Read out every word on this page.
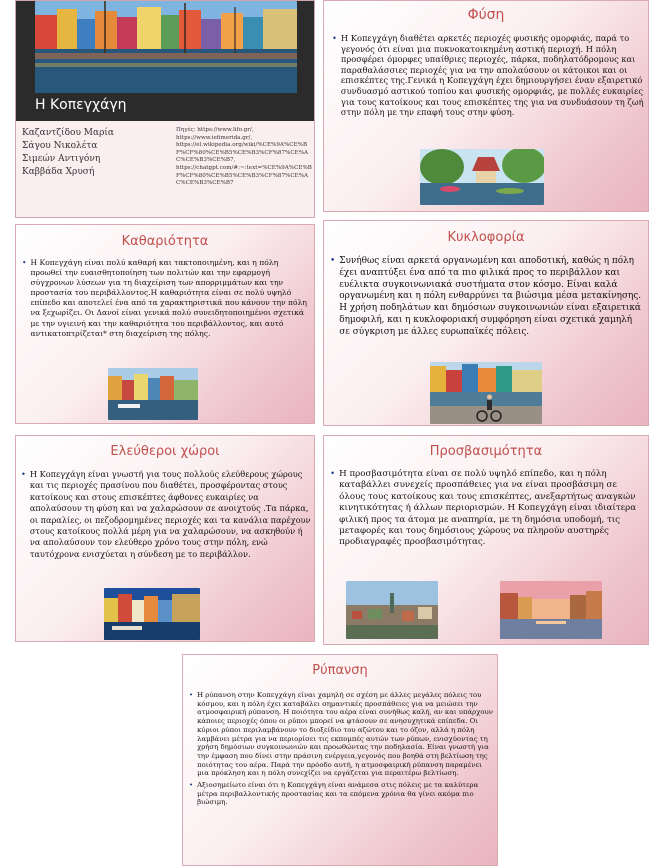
Η Κοπεγχάγη
Καζαντζίδου Μαρία
Σάγου Νικολέτα
Σιμεών Αντιγόνη
Καββάδα Χρυσή
Πηγές: https://www.lifo.gr/,
https://www.iefimerida.gr/,
https://el.wikipedia.org/wiki/%CE%9A%CE%BF%CF%80%CE%B5%CE%B3%CF%87%CE%AC%CE%B3%CE%B7,
https://chatgpt.com/#:~:text=%CE%9A%CE%BF%CF%80%CE%B5%CE%B3%CF%87%CE%AC%CE%B3%CE%B7
Φύση
• Η Κοπεγχάγη διαθέτει αρκετές περιοχές φυσικής ομορφιάς, παρά το γεγονός ότι είναι μια πυκνοκατοικημένη αστική περιοχή. Η πόλη προσφέρει όμορφες υπαίθριες περιοχές, πάρκα, ποδηλατόδρομους και παραθαλάσσιες περιοχές για να την απολαύσουν οι κάτοικοι και οι επισκέπτες της.Γενικά η Κοπεγχάγη έχει δημιουργήσει έναν εξαιρετικό συνδυασμό αστικού τοπίου και φυσικής ομορφιάς, με πολλές ευκαιρίες για τους κατοίκους και τους επισκέπτες της για να συνδυάσουν τη ζωή στην πόλη με την επαφή τους στην φύση.
Καθαριότητα
• Η Κοπεγχάγη είναι πολύ καθαρή και τακτοποιημένη, και η πόλη προωθεί την ευαισθητοποίηση των πολιτών και την εφαρμογή σύγχρονων λύσεων για τη διαχείριση των απορριμμάτων και την προστασία του περιβάλλοντος.Η καθαριότητα είναι σε πολύ υψηλό επίπεδο και αποτελεί ένα από τα χαρακτηριστικά που κάνουν την πόλη να ξεχωρίζει. Οι Δανοί είναι γενικά πολύ συνειδητοποιημένοι σχετικά με την υγιεινή και την καθαριότητα του περιβάλλοντος, και αυτό αντικατοπτρίζεται* στη διαχείριση της πόλης.
Κυκλοφορία
• Συνήθως είναι αρκετά οργανωμένη και αποδοτική, καθώς η πόλη έχει αναπτύξει ένα από τα πιο φιλικά προς το περιβάλλον και ευέλικτα συγκοινωνιακά συστήματα στον κόσμο. Είναι καλά οργανωμένη και η πόλη ενθαρρύνει τα βιώσιμα μέσα μετακίνησης. Η χρήση ποδηλάτων και δημόσιων συγκοινωνιών είναι εξαιρετικά δημοφιλή, και η κυκλοφοριακή συμφόρηση είναι σχετικά χαμηλή σε σύγκριση με άλλες ευρωπαϊκές πόλεις.
Ελεύθεροι χώροι
• Η Κοπεγχάγη είναι γνωστή για τους πολλούς ελεύθερους χώρους και τις περιοχές πρασίνου που διαθέτει, προσφέροντας στους κατοίκους και στους επισκέπτες άφθονες ευκαιρίες να απολαύσουν τη φύση και να χαλαρώσουν σε ανοιχτούς .Τα πάρκα, οι παραλίες, οι πεζοδρομημένες περιοχές και τα κανάλια παρέχουν στους κατοίκους πολλά μέρη για να χαλαρώσουν, να ασκηθούν ή να απολαύσουν τον ελεύθερο χρόνο τους στην πόλη, ενώ ταυτόχρονα ενισχύεται η σύνδεση με το περιβάλλον.
Προσβασιμότητα
• Η προσβασιμότητα είναι σε πολύ υψηλό επίπεδο, και η πόλη καταβάλλει συνεχείς προσπάθειες για να είναι προσβάσιμη σε όλους τους κατοίκους και τους επισκέπτες, ανεξαρτήτως αναγκών κινητικότητας ή άλλων περιορισμών. Η Κοπεγχάγη είναι ιδιαίτερα φιλική προς τα άτομα με αναπηρία, με τη δημόσια υποδομή, τις μεταφορές και τους δημόσιους χώρους να πληρούν αυστηρές προδιαγραφές προσβασιμότητας.
Ρύπανση
• Η ρύπανση στην Κοπεγχάγη είναι χαμηλή σε σχέση με άλλες μεγάλες πόλεις του κόσμου, και η πόλη έχει καταβάλει σημαντικές προσπάθειες για να μειώσει την ατμοσφαιρική ρύπανση. Η ποιότητα του αέρα είναι συνήθως καλή, αν και υπάρχουν κάποιες περιοχές όπου οι ρύποι μπορεί να φτάσουν σε ανησυχητικά επίπεδα. Οι κύριοι ρύποι περιλαμβάνουν το διοξείδιο του αζώτου και το όζον, αλλά η πόλη λαμβάνει μέτρα για να περιορίσει τις εκπομπές αυτών των ρύπων, ενισχύοντας τη χρήση δημόσιων συγκοινωνιών και προωθώντας την ποδηλασία. Είναι γνωστή για την έμφαση που δίνει στην πράσινη ενέργεια,γεγονός που βοηθά στη βελτίωση της ποιότητας του αέρα. Παρά την πρόοδο αυτή, η ατμοσφαιρική ρύπανση παραμένει μια πρόκληση και η πόλη συνεχίζει να εργάζεται για περαιτέρω βελτίωση.
• Αξιοσημείωτο είναι ότι η Κοπεγχάγη είναι ανάμεσα στις πόλεις με τα καλύτερα μέτρα περιβαλλοντικής προστασίας και τα επόμενα χρόνια θα γίνει ακόμα πιο βιώσιμη.
